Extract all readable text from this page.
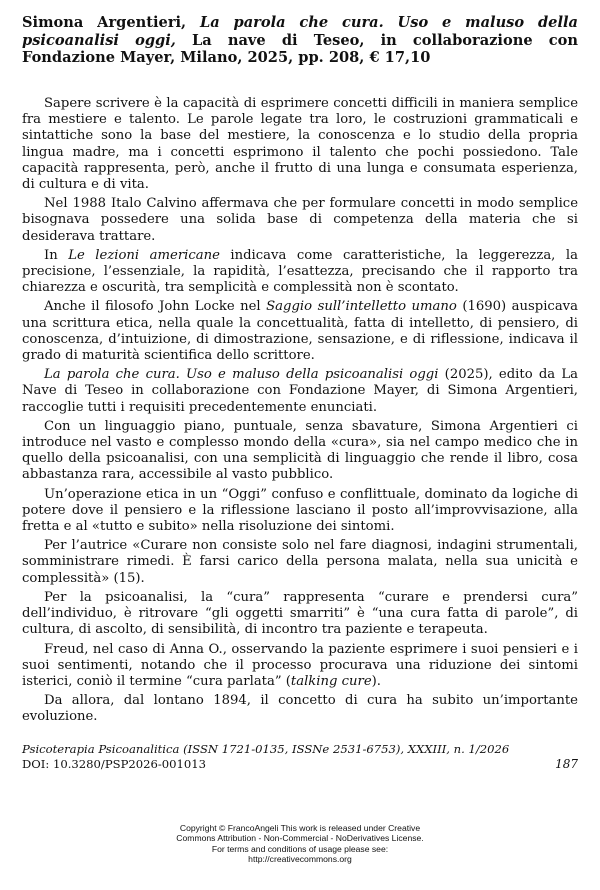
Simona Argentieri, La parola che cura. Uso e maluso della psicoanalisi oggi, La nave di Teseo, in collaborazione con Fondazione Mayer, Milano, 2025, pp. 208, € 17,10

Sapere scrivere è la capacità di esprimere concetti difficili in maniera semplice fra mestiere e talento. Le parole legate tra loro, le costruzioni grammaticali e sintattiche sono la base del mestiere, la conoscenza e lo studio della propria lingua madre, ma i concetti esprimono il talento che pochi possiedono. Tale capacità rappresenta, però, anche il frutto di una lunga e consumata esperienza, di cultura e di vita.

Nel 1988 Italo Calvino affermava che per formulare concetti in modo semplice bisognava possedere una solida base di competenza della materia che si desiderava trattare.

In Le lezioni americane indicava come caratteristiche, la leggerezza, la precisione, l’essenziale, la rapidità, l’esattezza, precisando che il rapporto tra chiarezza e oscurità, tra semplicità e complessità non è scontato.

Anche il filosofo John Locke nel Saggio sull’intelletto umano (1690) auspicava una scrittura etica, nella quale la concettualità, fatta di intelletto, di pensiero, di conoscenza, d’intuizione, di dimostrazione, sensazione, e di riflessione, indicava il grado di maturità scientifica dello scrittore.

La parola che cura. Uso e maluso della psicoanalisi oggi (2025), edito da La Nave di Teseo in collaborazione con Fondazione Mayer, di Simona Argentieri, raccoglie tutti i requisiti precedentemente enunciati.

Con un linguaggio piano, puntuale, senza sbavature, Simona Argentieri ci introduce nel vasto e complesso mondo della «cura», sia nel campo medico che in quello della psicoanalisi, con una semplicità di linguaggio che rende il libro, cosa abbastanza rara, accessibile al vasto pubblico.

Un’operazione etica in un “Oggi” confuso e conflittuale, dominato da logiche di potere dove il pensiero e la riflessione lasciano il posto all’improvvisazione, alla fretta e al «tutto e subito» nella risoluzione dei sintomi.

Per l’autrice «Curare non consiste solo nel fare diagnosi, indagini strumentali, somministrare rimedi. È farsi carico della persona malata, nella sua unicità e complessità» (15).

Per la psicoanalisi, la “cura” rappresenta “curare e prendersi cura” dell’individuo, è ritrovare “gli oggetti smarriti” è “una cura fatta di parole”, di cultura, di ascolto, di sensibilità, di incontro tra paziente e terapeuta.

Freud, nel caso di Anna O., osservando la paziente esprimere i suoi pensieri e i suoi sentimenti, notando che il processo procurava una riduzione dei sintomi isterici, coniò il termine “cura parlata” (talking cure).

Da allora, dal lontano 1894, il concetto di cura ha subito un’importante evoluzione.

Psicoterapia Psicoanalitica (ISSN 1721-0135, ISSNe 2531-6753), XXXIII, n. 1/2026
DOI: 10.3280/PSP2026-001013	187
Copyright © FrancoAngeli This work is released under Creative
Commons Attribution - Non-Commercial - NoDerivatives License.
For terms and conditions of usage please see:
http://creativecommons.org
